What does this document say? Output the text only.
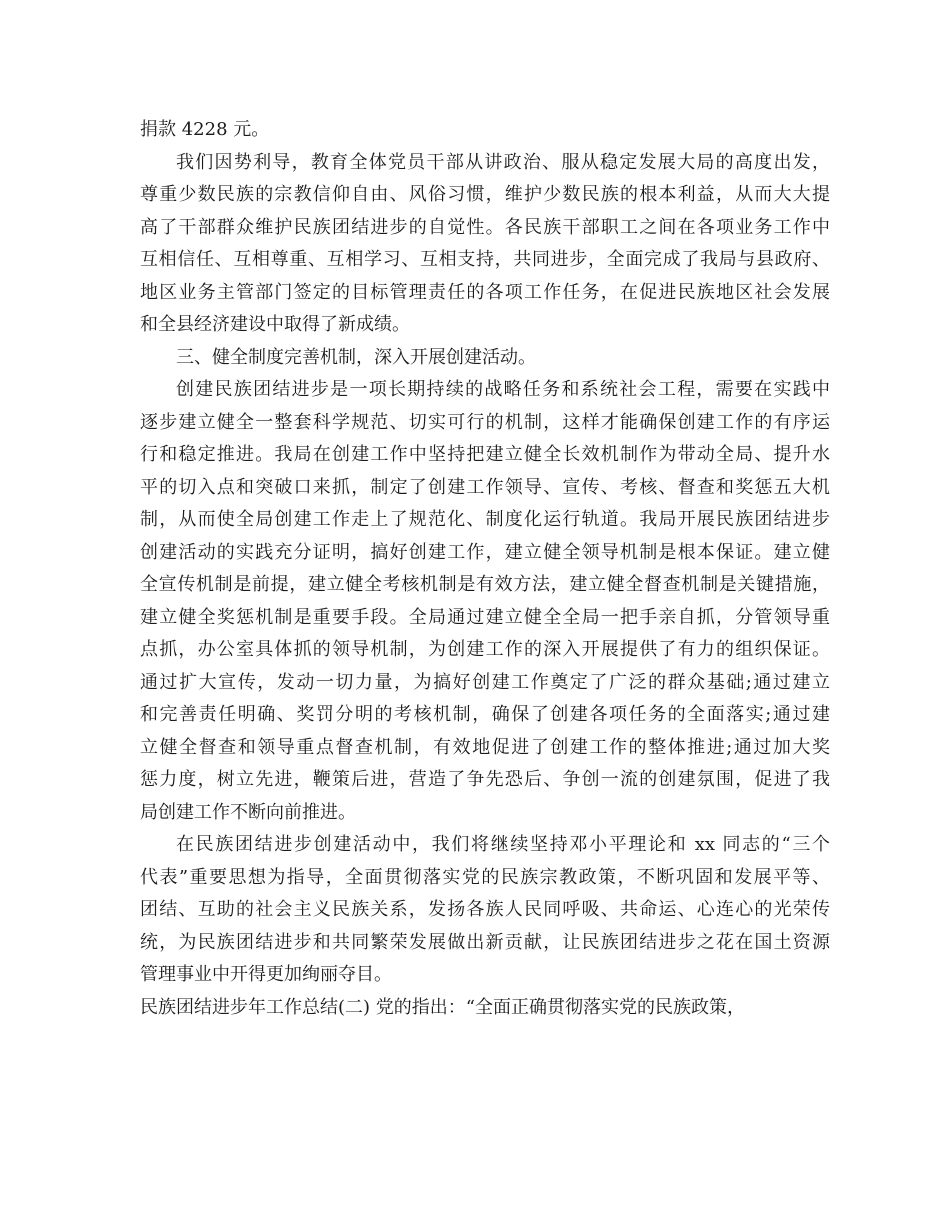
捐款 4228 元。
我们因势利导，教育全体党员干部从讲政治、服从稳定发展大局的高度出发，
尊重少数民族的宗教信仰自由、风俗习惯，维护少数民族的根本利益，从而大大提
高了干部群众维护民族团结进步的自觉性。各民族干部职工之间在各项业务工作中
互相信任、互相尊重、互相学习、互相支持，共同进步，全面完成了我局与县政府、
地区业务主管部门签定的目标管理责任的各项工作任务，在促进民族地区社会发展
和全县经济建设中取得了新成绩。
三、健全制度完善机制，深入开展创建活动。
创建民族团结进步是一项长期持续的战略任务和系统社会工程，需要在实践中
逐步建立健全一整套科学规范、切实可行的机制，这样才能确保创建工作的有序运
行和稳定推进。我局在创建工作中坚持把建立健全长效机制作为带动全局、提升水
平的切入点和突破口来抓，制定了创建工作领导、宣传、考核、督查和奖惩五大机
制，从而使全局创建工作走上了规范化、制度化运行轨道。我局开展民族团结进步
创建活动的实践充分证明，搞好创建工作，建立健全领导机制是根本保证。建立健
全宣传机制是前提，建立健全考核机制是有效方法，建立健全督查机制是关键措施，
建立健全奖惩机制是重要手段。全局通过建立健全全局一把手亲自抓，分管领导重
点抓，办公室具体抓的领导机制，为创建工作的深入开展提供了有力的组织保证。
通过扩大宣传，发动一切力量，为搞好创建工作奠定了广泛的群众基础;通过建立
和完善责任明确、奖罚分明的考核机制，确保了创建各项任务的全面落实;通过建
立健全督查和领导重点督查机制，有效地促进了创建工作的整体推进;通过加大奖
惩力度，树立先进，鞭策后进，营造了争先恐后、争创一流的创建氛围，促进了我
局创建工作不断向前推进。
在民族团结进步创建活动中，我们将继续坚持邓小平理论和 xx 同志的“三个
代表”重要思想为指导，全面贯彻落实党的民族宗教政策，不断巩固和发展平等、
团结、互助的社会主义民族关系，发扬各族人民同呼吸、共命运、心连心的光荣传
统，为民族团结进步和共同繁荣发展做出新贡献，让民族团结进步之花在国土资源
管理事业中开得更加绚丽夺目。
民族团结进步年工作总结(二) 党的指出：“全面正确贯彻落实党的民族政策，
